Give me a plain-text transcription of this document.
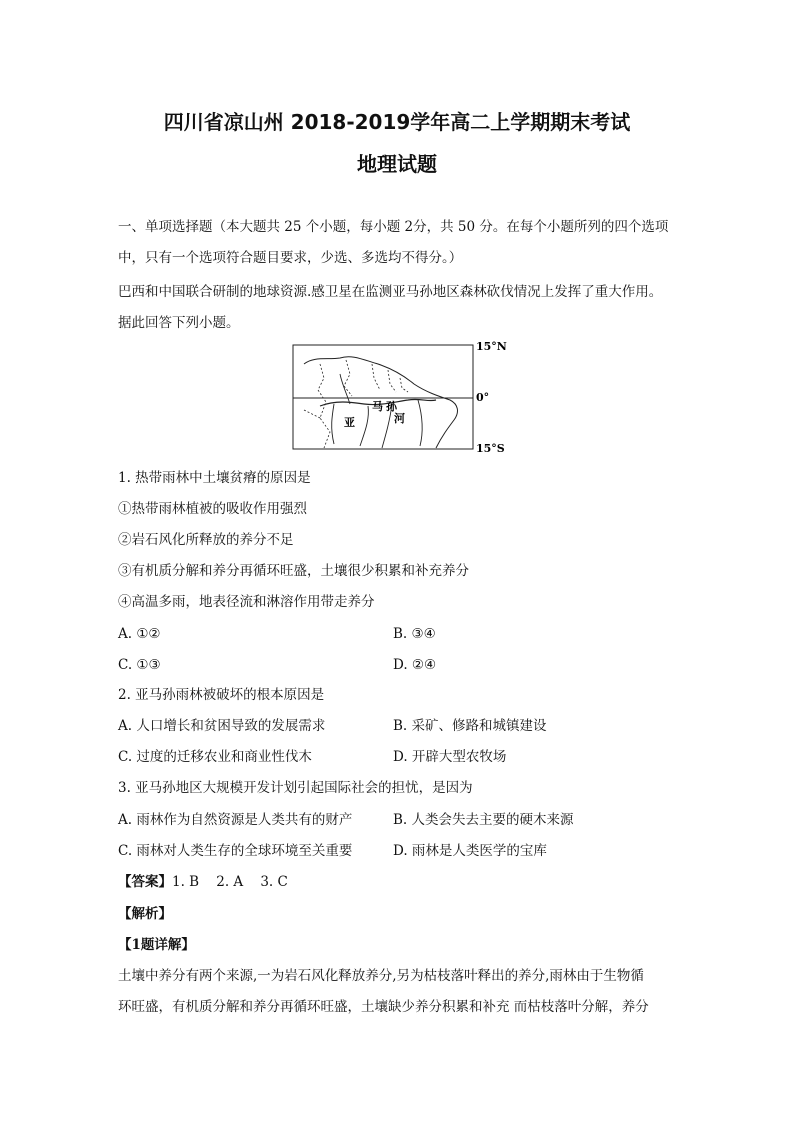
四川省凉山州 2018-2019学年高二上学期期末考试
地理试题
一、单项选择题（本大题共 25 个小题，每小题 2分，共 50 分。在每个小题所列的四个选项
中，只有一个选项符合题目要求，少选、多选均不得分。）
巴西和中国联合研制的地球资源.感卫星在监测亚马孙地区森林砍伐情况上发挥了重大作用。
据此回答下列小题。
马 孙
亚	河
15°N
0°
15°S
1. 热带雨林中土壤贫瘠的原因是
①热带雨林植被的吸收作用强烈
②岩石风化所释放的养分不足
③有机质分解和养分再循环旺盛，土壤很少积累和补充养分
④高温多雨，地表径流和淋溶作用带走养分
A. ①②	B. ③④
C. ①③	D. ②④
2. 亚马孙雨林被破坏的根本原因是
A. 人口增长和贫困导致的发展需求	B. 采矿、修路和城镇建设
C. 过度的迁移农业和商业性伐木	D. 开辟大型农牧场
3. 亚马孙地区大规模开发计划引起国际社会的担忧，是因为
A. 雨林作为自然资源是人类共有的财产	B. 人类会失去主要的硬木来源
C. 雨林对人类生存的全球环境至关重要	D. 雨林是人类医学的宝库
【答案】1. B    2. A    3. C
【解析】
【1题详解】
土壤中养分有两个来源,一为岩石风化释放养分,另为枯枝落叶释出的养分,雨林由于生物循
环旺盛，有机质分解和养分再循环旺盛，土壤缺少养分积累和补充 而枯枝落叶分解，养分
